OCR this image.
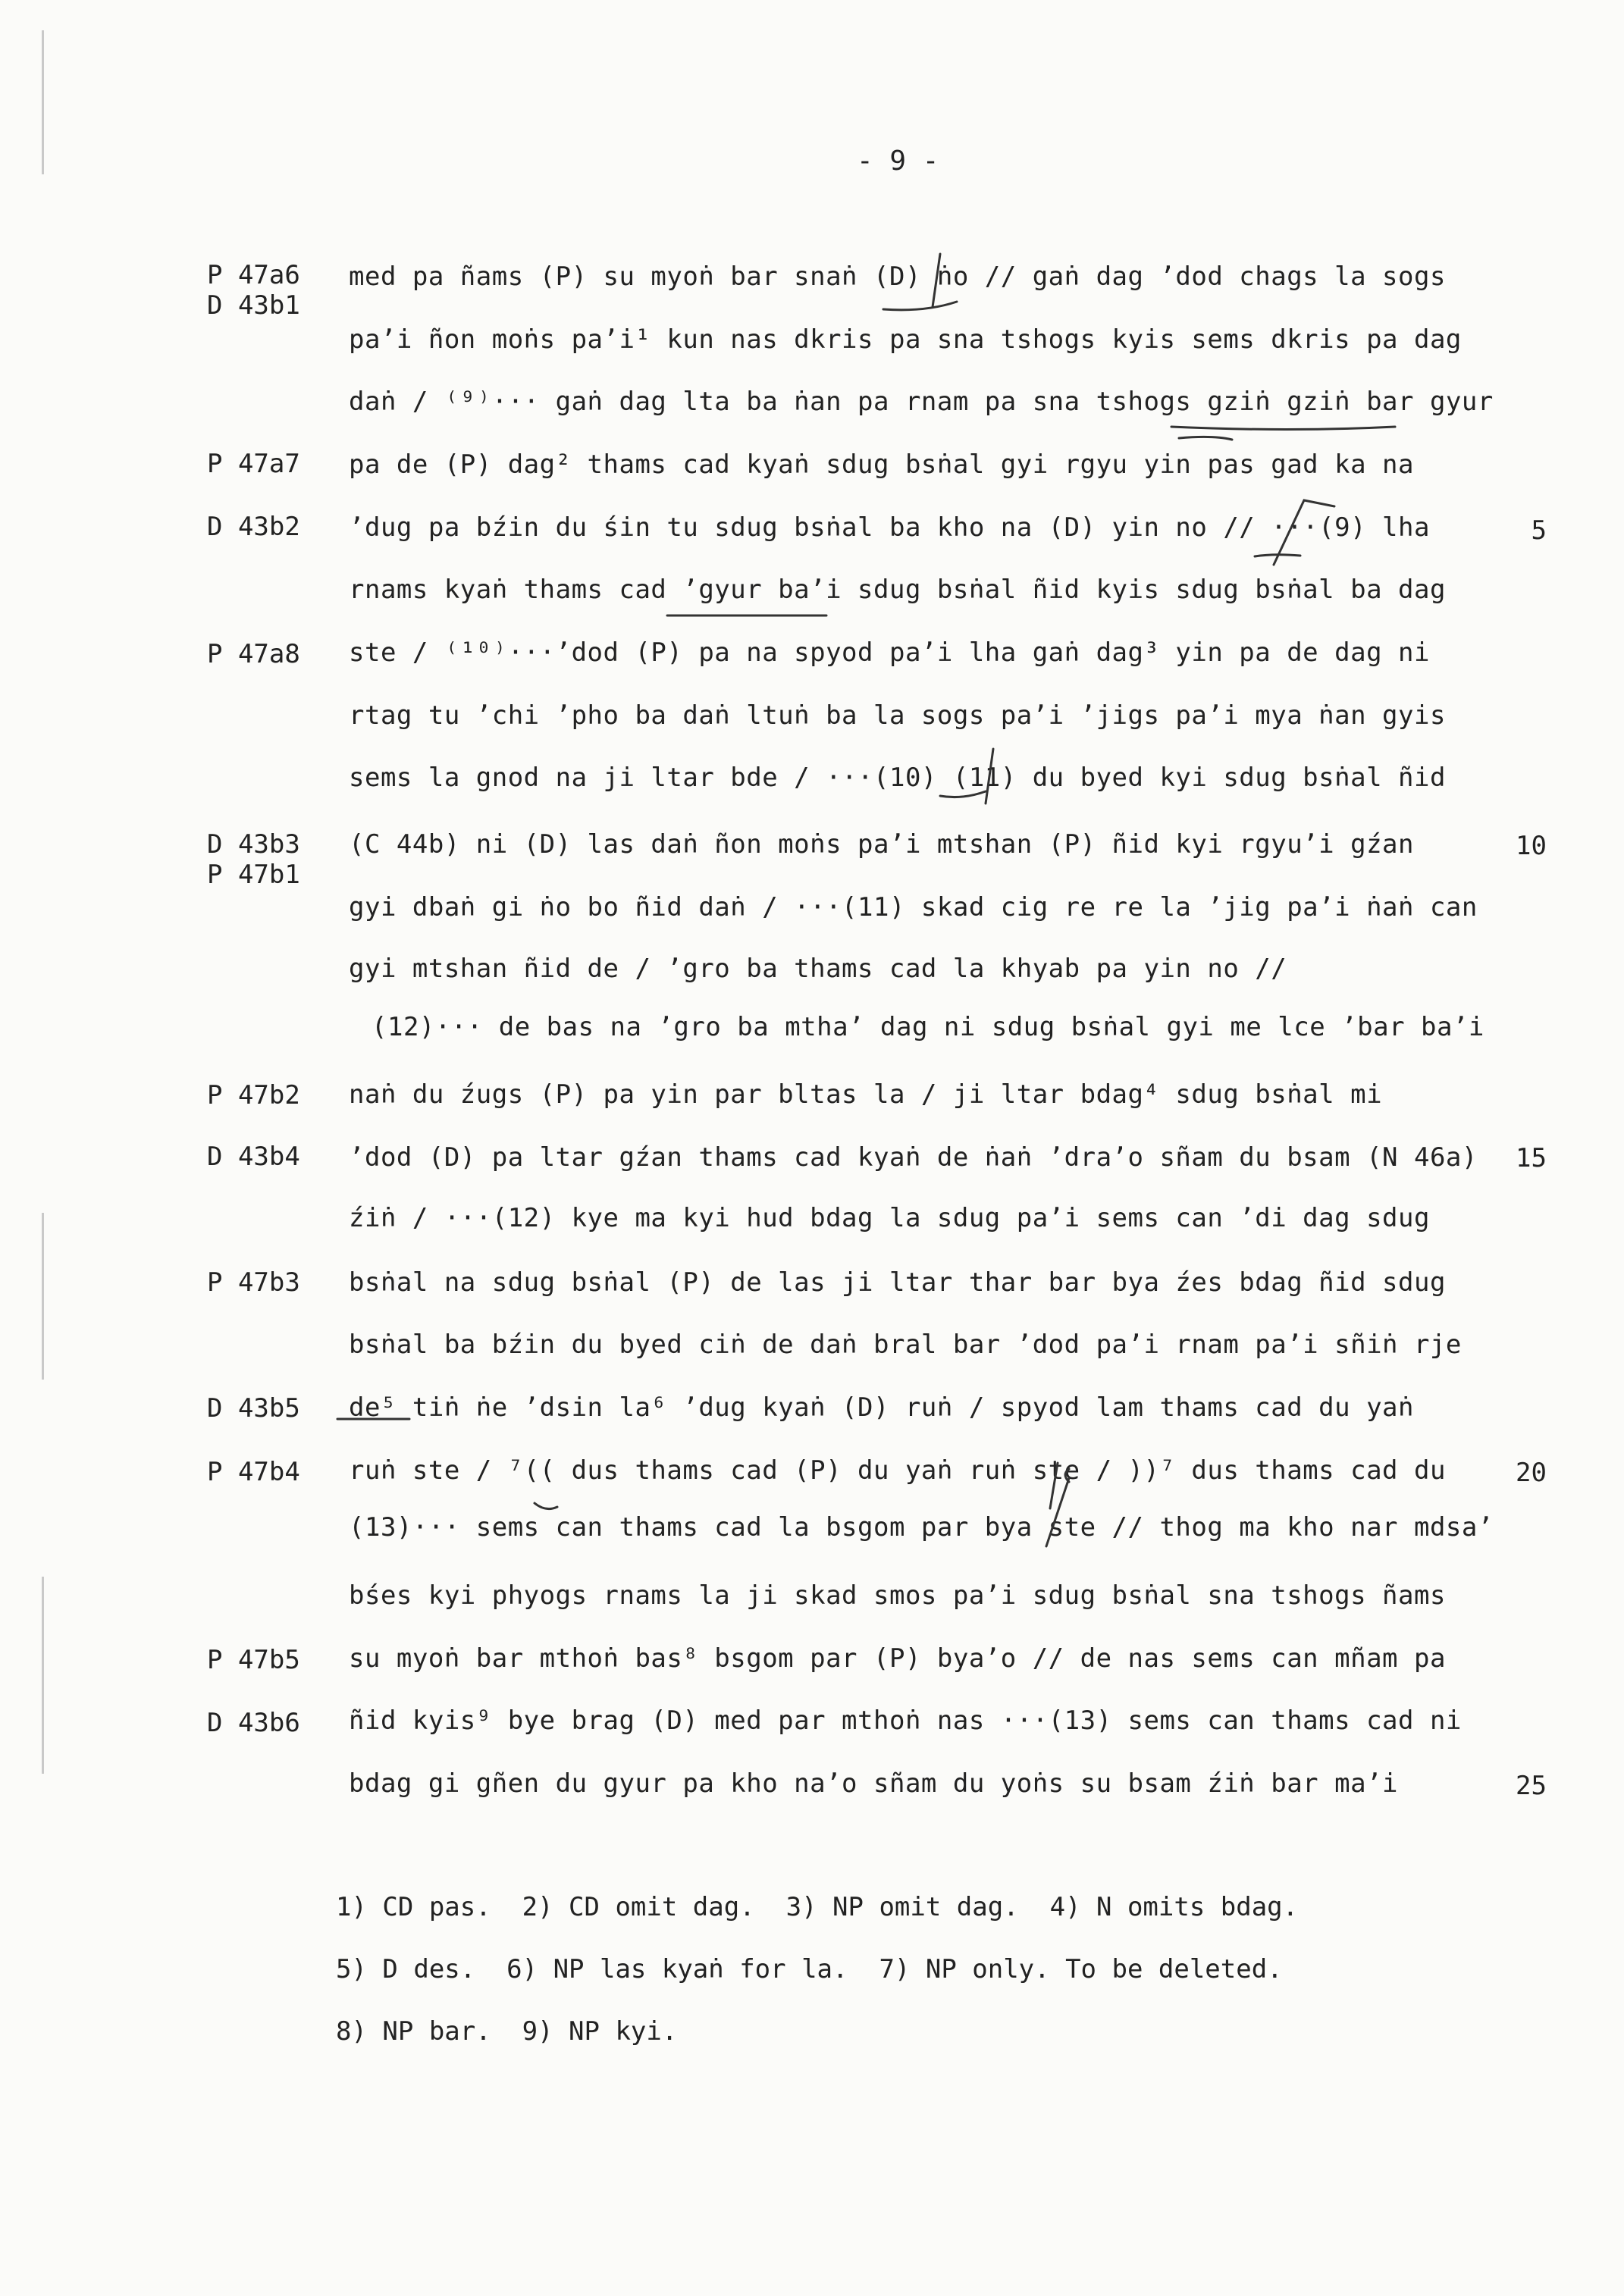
- 9 -
P 47a6
D 43b1
P 47a7
D 43b2
P 47a8
D 43b3
P 47b1
P 47b2
D 43b4
P 47b3
D 43b5
P 47b4
P 47b5
D 43b6
med pa ñams (P) su myoṅ bar snaṅ (D) ṅo // gaṅ dag ʼdod chags la sogs
paʼi ñon moṅs paʼi¹ kun nas dkris pa sna tshogs kyis sems dkris pa dag
daṅ / ⁽⁹⁾··· gaṅ dag lta ba ṅan pa rnam pa sna tshogs gziṅ gziṅ bar gyur
pa de (P) dag² thams cad kyaṅ sdug bsṅal gyi rgyu yin pas gad ka na
ʼdug pa bźin du śin tu sdug bsṅal ba kho na (D) yin no // ···(9) lha
rnams kyaṅ thams cad ʼgyur baʼi sdug bsṅal ñid kyis sdug bsṅal ba dag
ste / ⁽¹⁰⁾···ʼdod (P) pa na spyod paʼi lha gaṅ dag³ yin pa de dag ni
rtag tu ʼchi ʼpho ba daṅ ltuṅ ba la sogs paʼi ʼjigs paʼi mya ṅan gyis
sems la gnod na ji ltar bde / ···(10) (11) du byed kyi sdug bsṅal ñid
(C 44b) ni (D) las daṅ ñon moṅs paʼi mtshan (P) ñid kyi rgyuʼi gźan
gyi dbaṅ gi ṅo bo ñid daṅ / ···(11) skad cig re re la ʼjig paʼi ṅaṅ can
gyi mtshan ñid de / ʼgro ba thams cad la khyab pa yin no //
(12)··· de bas na ʼgro ba mthaʼ dag ni sdug bsṅal gyi me lce ʼbar baʼi
naṅ du źugs (P) pa yin par bltas la / ji ltar bdag⁴ sdug bsṅal mi
ʼdod (D) pa ltar gźan thams cad kyaṅ de ṅaṅ ʼdraʼo sñam du bsam (N 46a)
źiṅ / ···(12) kye ma kyi hud bdag la sdug paʼi sems can ʼdi dag sdug
bsṅal na sdug bsṅal (P) de las ji ltar thar bar bya źes bdag ñid sdug
bsṅal ba bźin du byed ciṅ de daṅ bral bar ʼdod paʼi rnam paʼi sñiṅ rje
de⁵ tiṅ ṅe ʼdsin la⁶ ʼdug kyaṅ (D) ruṅ / spyod lam thams cad du yaṅ
ruṅ ste / ⁷(( dus thams cad (P) du yaṅ ruṅ ste / ))⁷ dus thams cad du
(13)··· sems can thams cad la bsgom par bya ste // thog ma kho nar mdsaʼ
bśes kyi phyogs rnams la ji skad smos paʼi sdug bsṅal sna tshogs ñams
su myoṅ bar mthoṅ bas⁸ bsgom par (P) byaʼo // de nas sems can mñam pa
ñid kyis⁹ bye brag (D) med par mthoṅ nas ···(13) sems can thams cad ni
bdag gi gñen du gyur pa kho naʼo sñam du yoṅs su bsam źiṅ bar maʼi
5
10
15
20
25
1) CD pas.  2) CD omit dag.  3) NP omit dag.  4) N omits bdag.
5) D des.  6) NP las kyaṅ for la.  7) NP only. To be deleted.
8) NP bar.  9) NP kyi.
